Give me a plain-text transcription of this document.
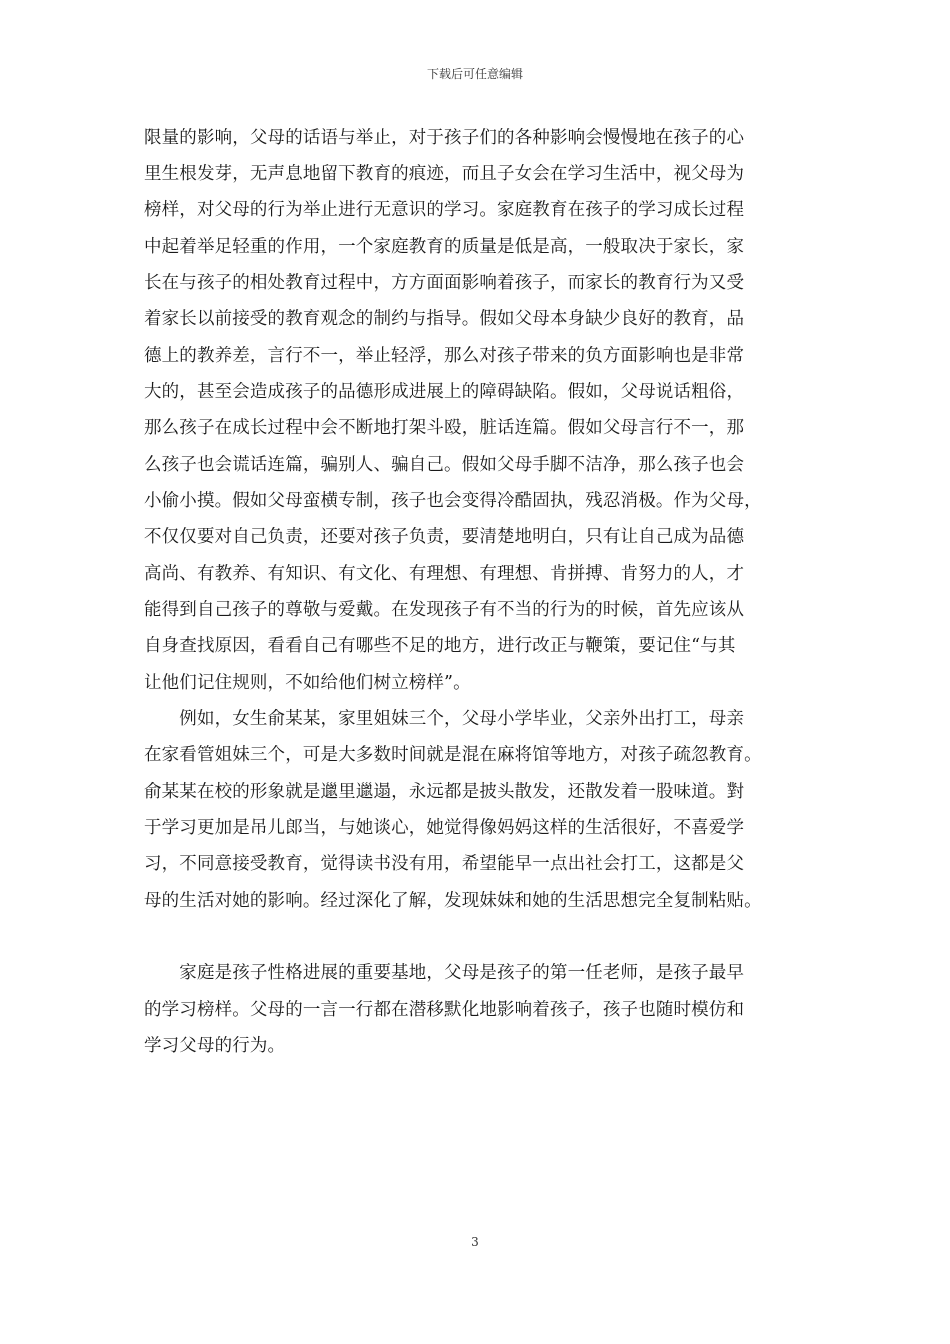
下载后可任意编辑
限量的影响，父母的话语与举止，对于孩子们的各种影响会慢慢地在孩子的心
里生根发芽，无声息地留下教育的痕迹，而且子女会在学习生活中，视父母为
榜样，对父母的行为举止进行无意识的学习。家庭教育在孩子的学习成长过程
中起着举足轻重的作用，一个家庭教育的质量是低是高，一般取决于家长，家
长在与孩子的相处教育过程中，方方面面影响着孩子，而家长的教育行为又受
着家长以前接受的教育观念的制约与指导。假如父母本身缺少良好的教育，品
德上的教养差，言行不一，举止轻浮，那么对孩子带来的负方面影响也是非常
大的，甚至会造成孩子的品德形成进展上的障碍缺陷。假如，父母说话粗俗，
那么孩子在成长过程中会不断地打架斗殴，脏话连篇。假如父母言行不一，那
么孩子也会谎话连篇，骗别人、骗自己。假如父母手脚不洁净，那么孩子也会
小偷小摸。假如父母蛮横专制，孩子也会变得冷酷固执，残忍消极。作为父母，
不仅仅要对自己负责，还要对孩子负责，要清楚地明白，只有让自己成为品德
高尚、有教养、有知识、有文化、有理想、有理想、肯拼搏、肯努力的人，才
能得到自己孩子的尊敬与爱戴。在发现孩子有不当的行为的时候，首先应该从
自身查找原因，看看自己有哪些不足的地方，进行改正与鞭策，要记住“与其
让他们记住规则，不如给他们树立榜样”。
　　例如，女生俞某某，家里姐妹三个，父母小学毕业，父亲外出打工，母亲
在家看管姐妹三个，可是大多数时间就是混在麻将馆等地方，对孩子疏忽教育。
俞某某在校的形象就是邋里邋遢，永远都是披头散发，还散发着一股味道。對
于学习更加是吊儿郎当，与她谈心，她觉得像妈妈这样的生活很好，不喜爱学
习，不同意接受教育，觉得读书没有用，希望能早一点出社会打工，这都是父
母的生活对她的影响。经过深化了解，发现妹妹和她的生活思想完全复制粘贴。
　　家庭是孩子性格进展的重要基地，父母是孩子的第一任老师，是孩子最早
的学习榜样。父母的一言一行都在潜移默化地影响着孩子，孩子也随时模仿和
学习父母的行为。
3
